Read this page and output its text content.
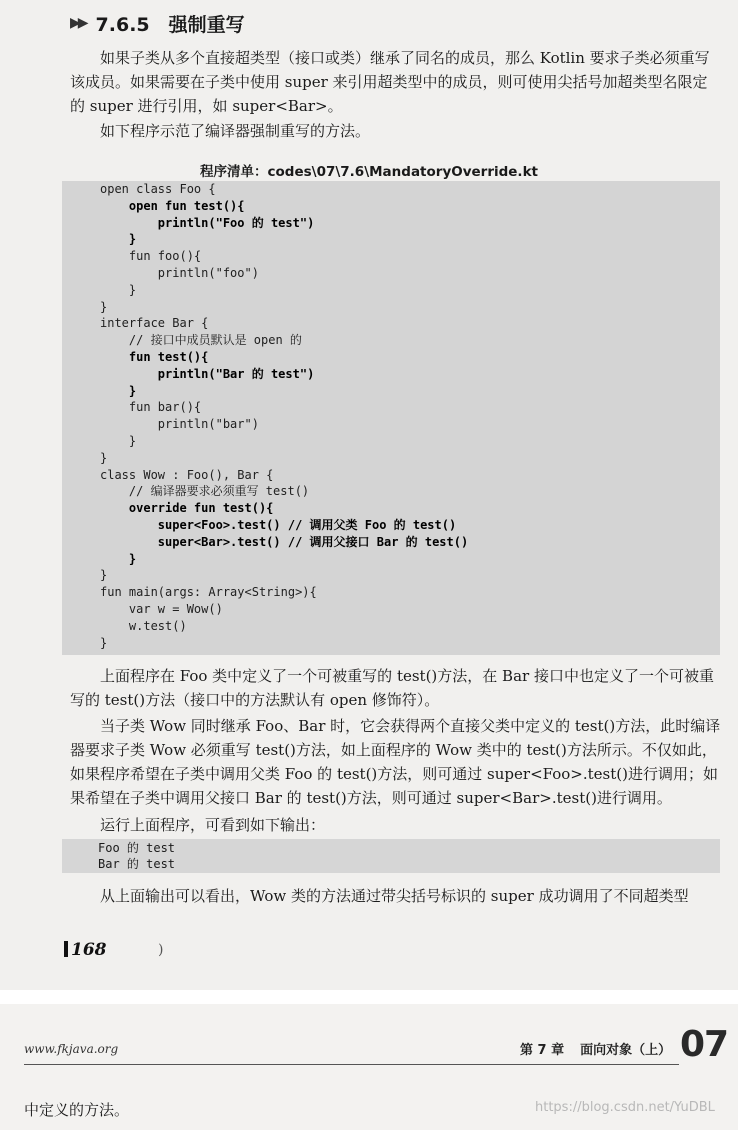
▶▶ 7.6.5　强制重写

如果子类从多个直接超类型（接口或类）继承了同名的成员，那么 Kotlin 要求子类必须重写该成员。如果需要在子类中使用 super 来引用超类型中的成员，则可使用尖括号加超类型名限定的 super 进行引用，如 super<Bar>。

如下程序示范了编译器强制重写的方法。

程序清单：codes\07\7.6\MandatoryOverride.kt
open class Foo {
open fun test(){
println("Foo 的 test")
}
fun foo(){
println("foo")
}
}
interface Bar {
// 接口中成员默认是 open 的
fun test(){
println("Bar 的 test")
}
fun bar(){
println("bar")
}
}
class Wow : Foo(), Bar {
// 编译器要求必须重写 test()
override fun test(){
super<Foo>.test() // 调用父类 Foo 的 test()
super<Bar>.test() // 调用父接口 Bar 的 test()
}
}
fun main(args: Array<String>){
var w = Wow()
w.test()
}

上面程序在 Foo 类中定义了一个可被重写的 test()方法，在 Bar 接口中也定义了一个可被重写的 test()方法（接口中的方法默认有 open 修饰符）。

当子类 Wow 同时继承 Foo、Bar 时，它会获得两个直接父类中定义的 test()方法，此时编译器要求子类 Wow 必须重写 test()方法，如上面程序的 Wow 类中的 test()方法所示。不仅如此，如果程序希望在子类中调用父类 Foo 的 test()方法，则可通过 super<Foo>.test()进行调用；如果希望在子类中调用父接口 Bar 的 test()方法，则可通过 super<Bar>.test()进行调用。

运行上面程序，可看到如下输出：

Foo 的 test
Bar 的 test

从上面输出可以看出，Wow 类的方法通过带尖括号标识的 super 成功调用了不同超类型

168	)
www.fkjava.org	第 7 章 面向对象（上） 07
中定义的方法。	https://blog.csdn.net/YuDBL
